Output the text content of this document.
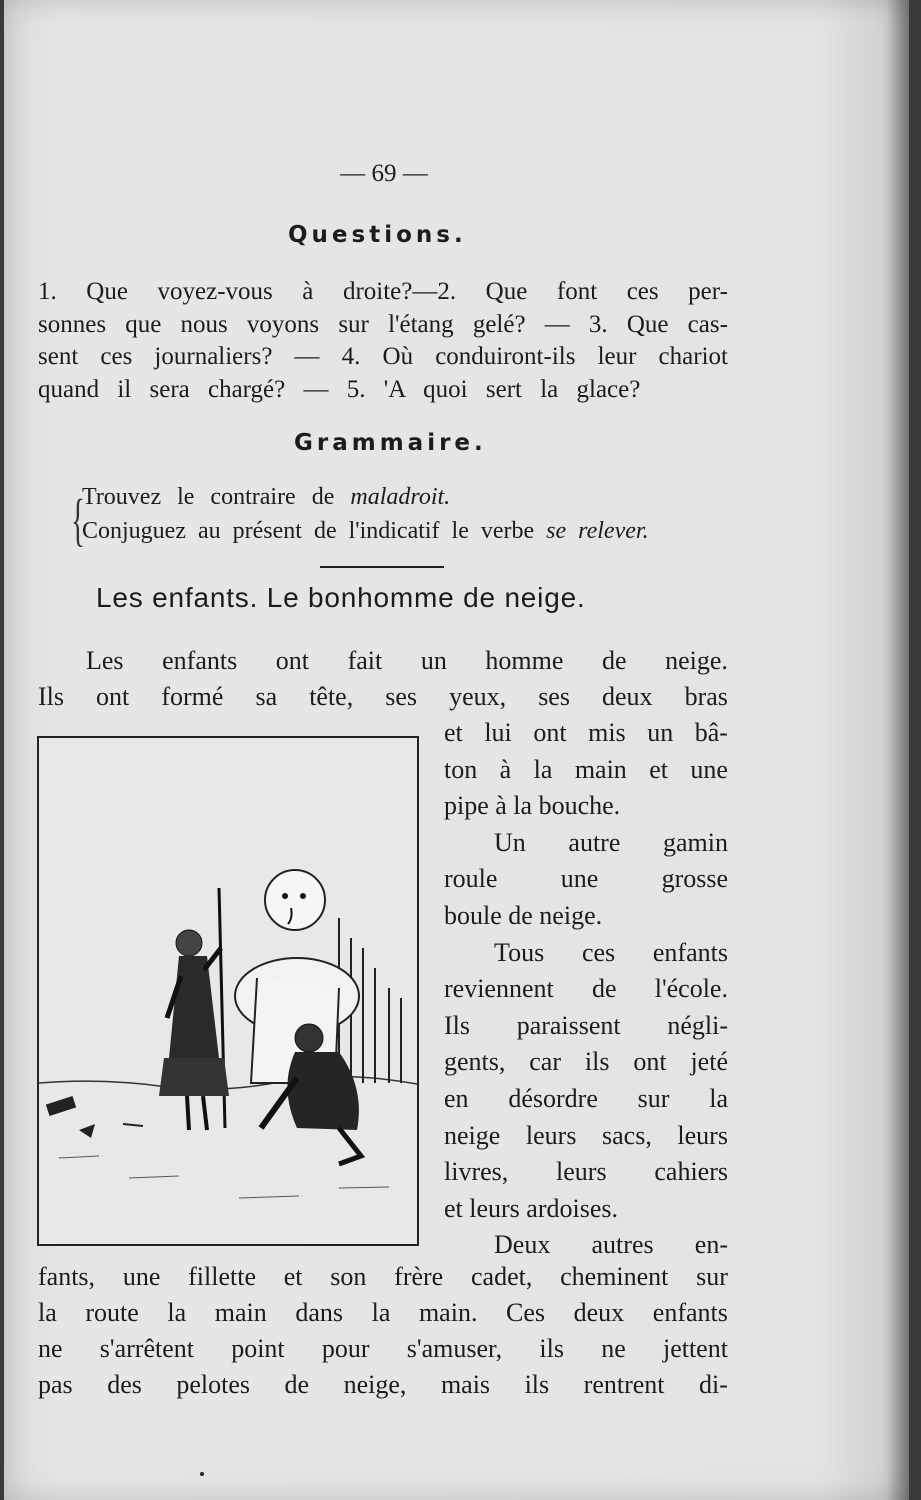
— 69 —
Questions.
Grammaire.
{
Trouvez le contraire de maladroit.
Conjuguez au présent de l'indicatif le verbe se relever.
Les enfants. Le bonhomme de neige.
1. Que voyez-vous à droite?—2. Que font ces per-
sonnes que nous voyons sur l'étang gelé? — 3. Que cas-
sent ces journaliers? — 4. Où conduiront-ils leur chariot
quand il sera chargé? — 5. 'A quoi sert la glace?
Les enfants ont fait un homme de neige.
Ils ont formé sa tête, ses yeux, ses deux bras
et lui ont mis un bâ-
ton à la main et une
pipe à la bouche.
Un autre gamin
roule une grosse
boule de neige.
Tous ces enfants
reviennent de l'école.
Ils paraissent négli-
gents, car ils ont jeté
en désordre sur la
neige leurs sacs, leurs
livres, leurs cahiers
et leurs ardoises.
Deux autres en-
fants, une fillette et son frère cadet, cheminent sur
la route la main dans la main. Ces deux enfants
ne s'arrêtent point pour s'amuser, ils ne jettent
pas des pelotes de neige, mais ils rentrent di-
